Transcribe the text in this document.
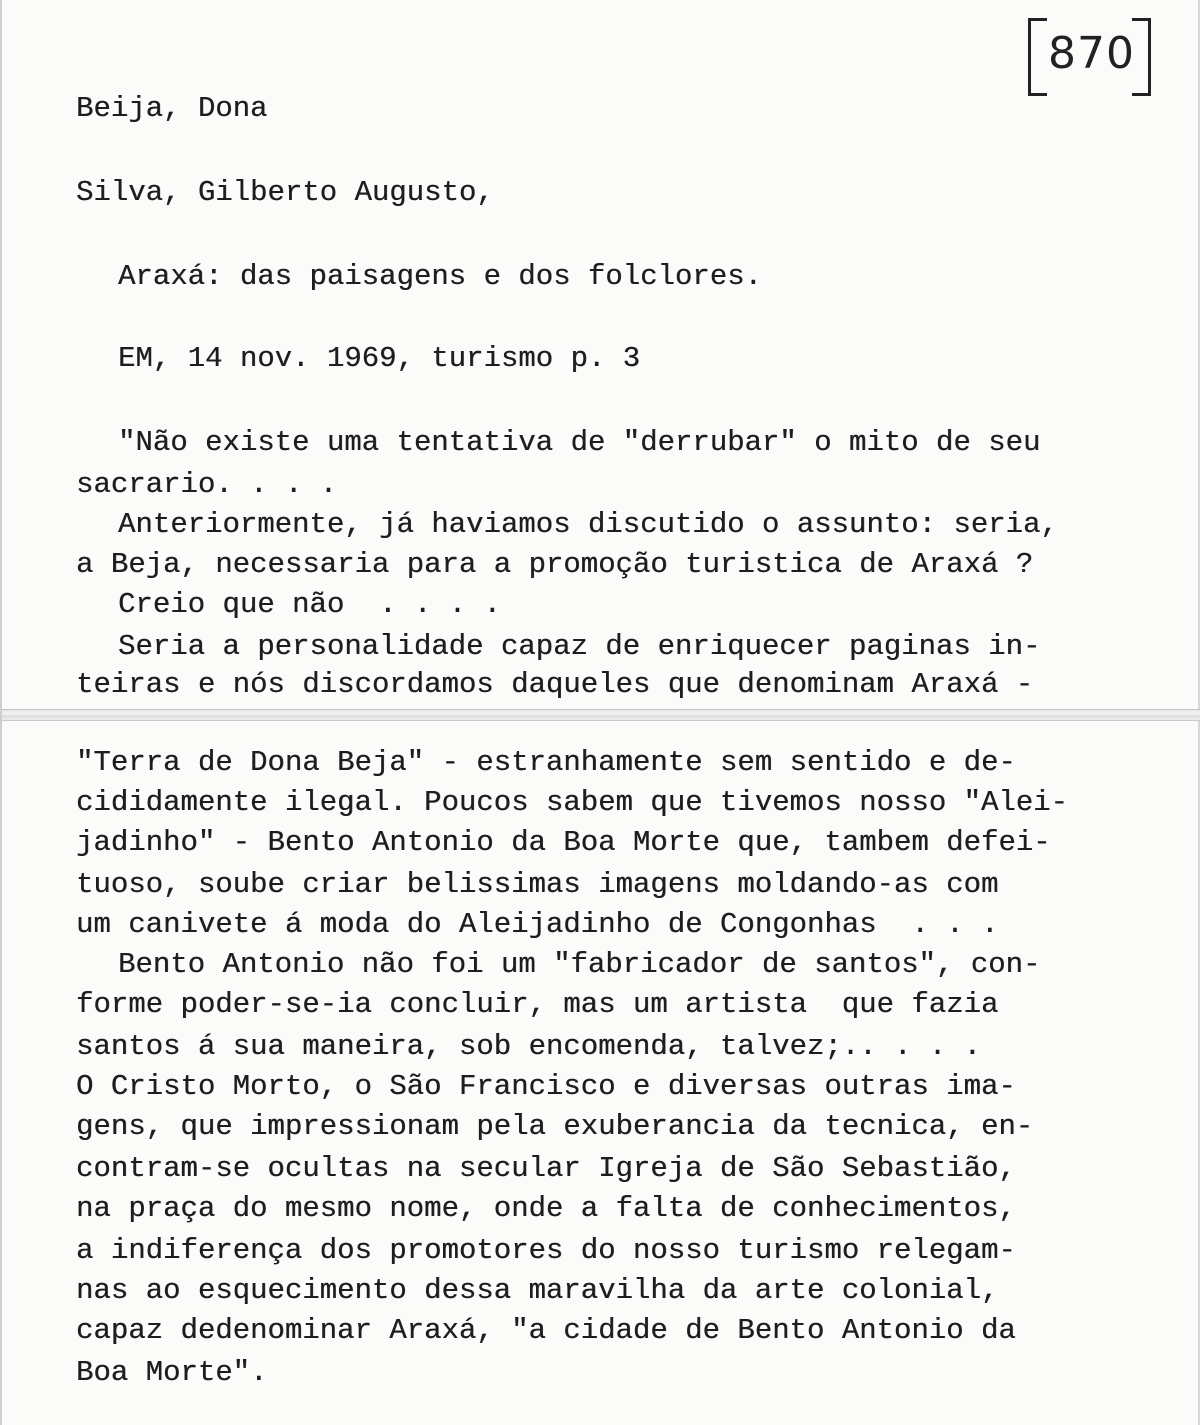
870
Beija, Dona
Silva, Gilberto Augusto,
Araxá: das paisagens e dos folclores.
EM, 14 nov. 1969, turismo p. 3
"Não existe uma tentativa de "derrubar" o mito de seu
sacrario. . . .
Anteriormente, já haviamos discutido o assunto: seria,
a Beja, necessaria para a promoção turistica de Araxá ?
Creio que não  . . . .
Seria a personalidade capaz de enriquecer paginas in-
teiras e nós discordamos daqueles que denominam Araxá -
"Terra de Dona Beja" - estranhamente sem sentido e de-
cididamente ilegal. Poucos sabem que tivemos nosso "Alei-
jadinho" - Bento Antonio da Boa Morte que, tambem defei-
tuoso, soube criar belissimas imagens moldando-as com
um canivete á moda do Aleijadinho de Congonhas  . . .
Bento Antonio não foi um "fabricador de santos", con-
forme poder-se-ia concluir, mas um artista  que fazia
santos á sua maneira, sob encomenda, talvez;.. . . .
O Cristo Morto, o São Francisco e diversas outras ima-
gens, que impressionam pela exuberancia da tecnica, en-
contram-se ocultas na secular Igreja de São Sebastião,
na praça do mesmo nome, onde a falta de conhecimentos,
a indiferença dos promotores do nosso turismo relegam-
nas ao esquecimento dessa maravilha da arte colonial,
capaz dedenominar Araxá, "a cidade de Bento Antonio da
Boa Morte".
